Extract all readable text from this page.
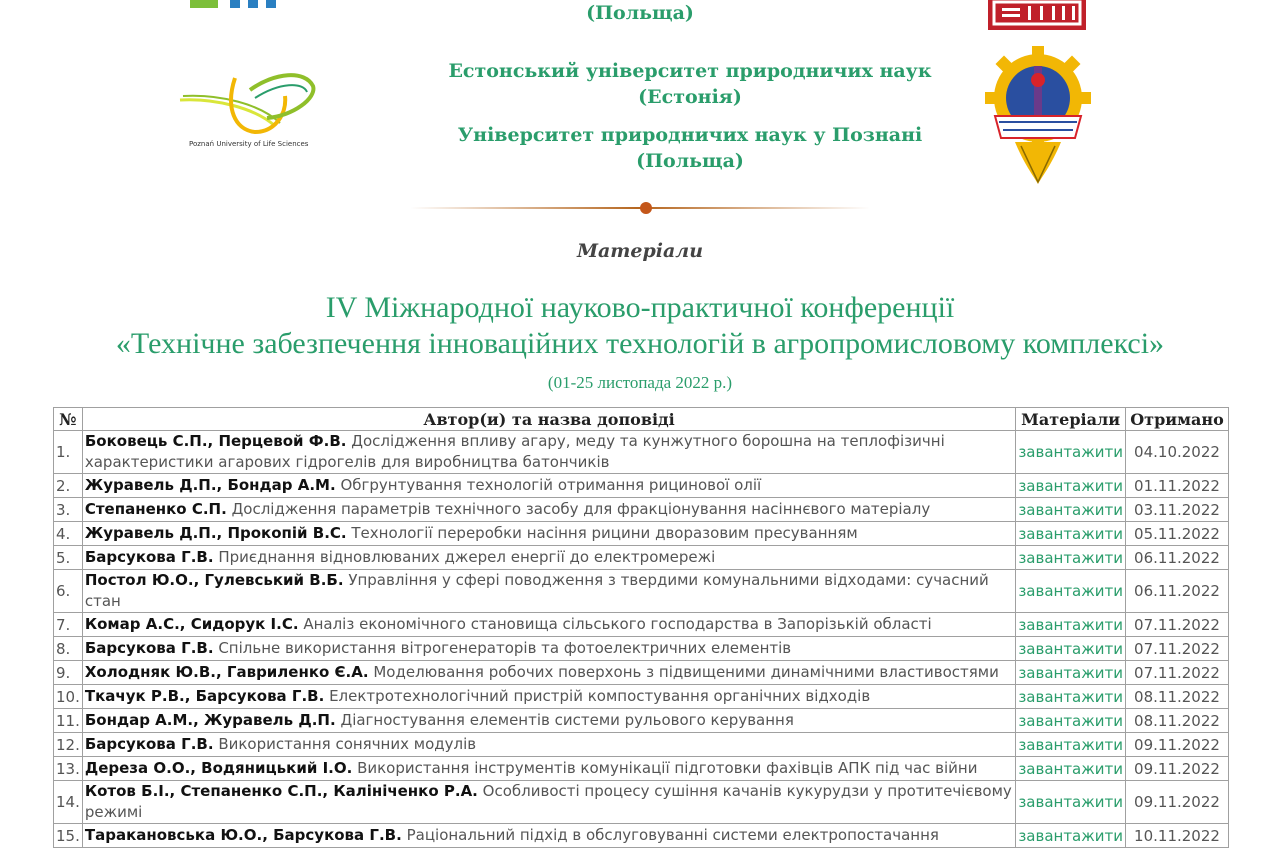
(Польща)
Poznań University of Life Sciences
Естонський університет природничих наук
(Естонія)
Університет природничих наук у Познані
(Польща)
Матеріали
IV Міжнародної науково-практичної конференції
«Технічне забезпечення інноваційних технологій в агропромисловому комплексі»
(01-25 листопада 2022 р.)
№	Автор(и) та назва доповіді	Матеріали	Отримано
1.	Боковець С.П., Перцевой Ф.В. Дослідження впливу агару, меду та кунжутного борошна на теплофізичні характеристики агарових гідрогелів для виробництва батончиків	завантажити	04.10.2022
2.	Журавель Д.П., Бондар А.М. Обгрунтування технологій отримання рицинової олії	завантажити	01.11.2022
3.	Степаненко С.П. Дослідження параметрів технічного засобу для фракціонування насіннєвого матеріалу	завантажити	03.11.2022
4.	Журавель Д.П., Прокопій В.С. Технології переробки насіння рицини дворазовим пресуванням	завантажити	05.11.2022
5.	Барсукова Г.В. Приєднання відновлюваних джерел енергії до електромережі	завантажити	06.11.2022
6.	Постол Ю.О., Гулевський В.Б. Управління у сфері поводження з твердими комунальними відходами: сучасний стан	завантажити	06.11.2022
7.	Комар А.С., Сидорук І.С. Аналіз економічного становища сільського господарства в Запорізькій області	завантажити	07.11.2022
8.	Барсукова Г.В. Спільне використання вітрогенераторів та фотоелектричних елементів	завантажити	07.11.2022
9.	Холодняк Ю.В., Гавриленко Є.А. Моделювання робочих поверхонь з підвищеними динамічними властивостями	завантажити	07.11.2022
10.	Ткачук Р.В., Барсукова Г.В. Електротехнологічний пристрій компостування органічних відходів	завантажити	08.11.2022
11.	Бондар А.М., Журавель Д.П. Діагностування елементів системи рульового керування	завантажити	08.11.2022
12.	Барсукова Г.В. Використання сонячних модулів	завантажити	09.11.2022
13.	Дереза О.О., Водяницький І.О. Використання інструментів комунікації підготовки фахівців АПК під час війни	завантажити	09.11.2022
14.	Котов Б.І., Степаненко С.П., Калініченко Р.А. Особливості процесу сушіння качанів кукурудзи у протитечієвому режимі	завантажити	09.11.2022
15.	Таракановська Ю.О., Барсукова Г.В. Раціональний підхід в обслуговуванні системи електропостачання	завантажити	10.11.2022
